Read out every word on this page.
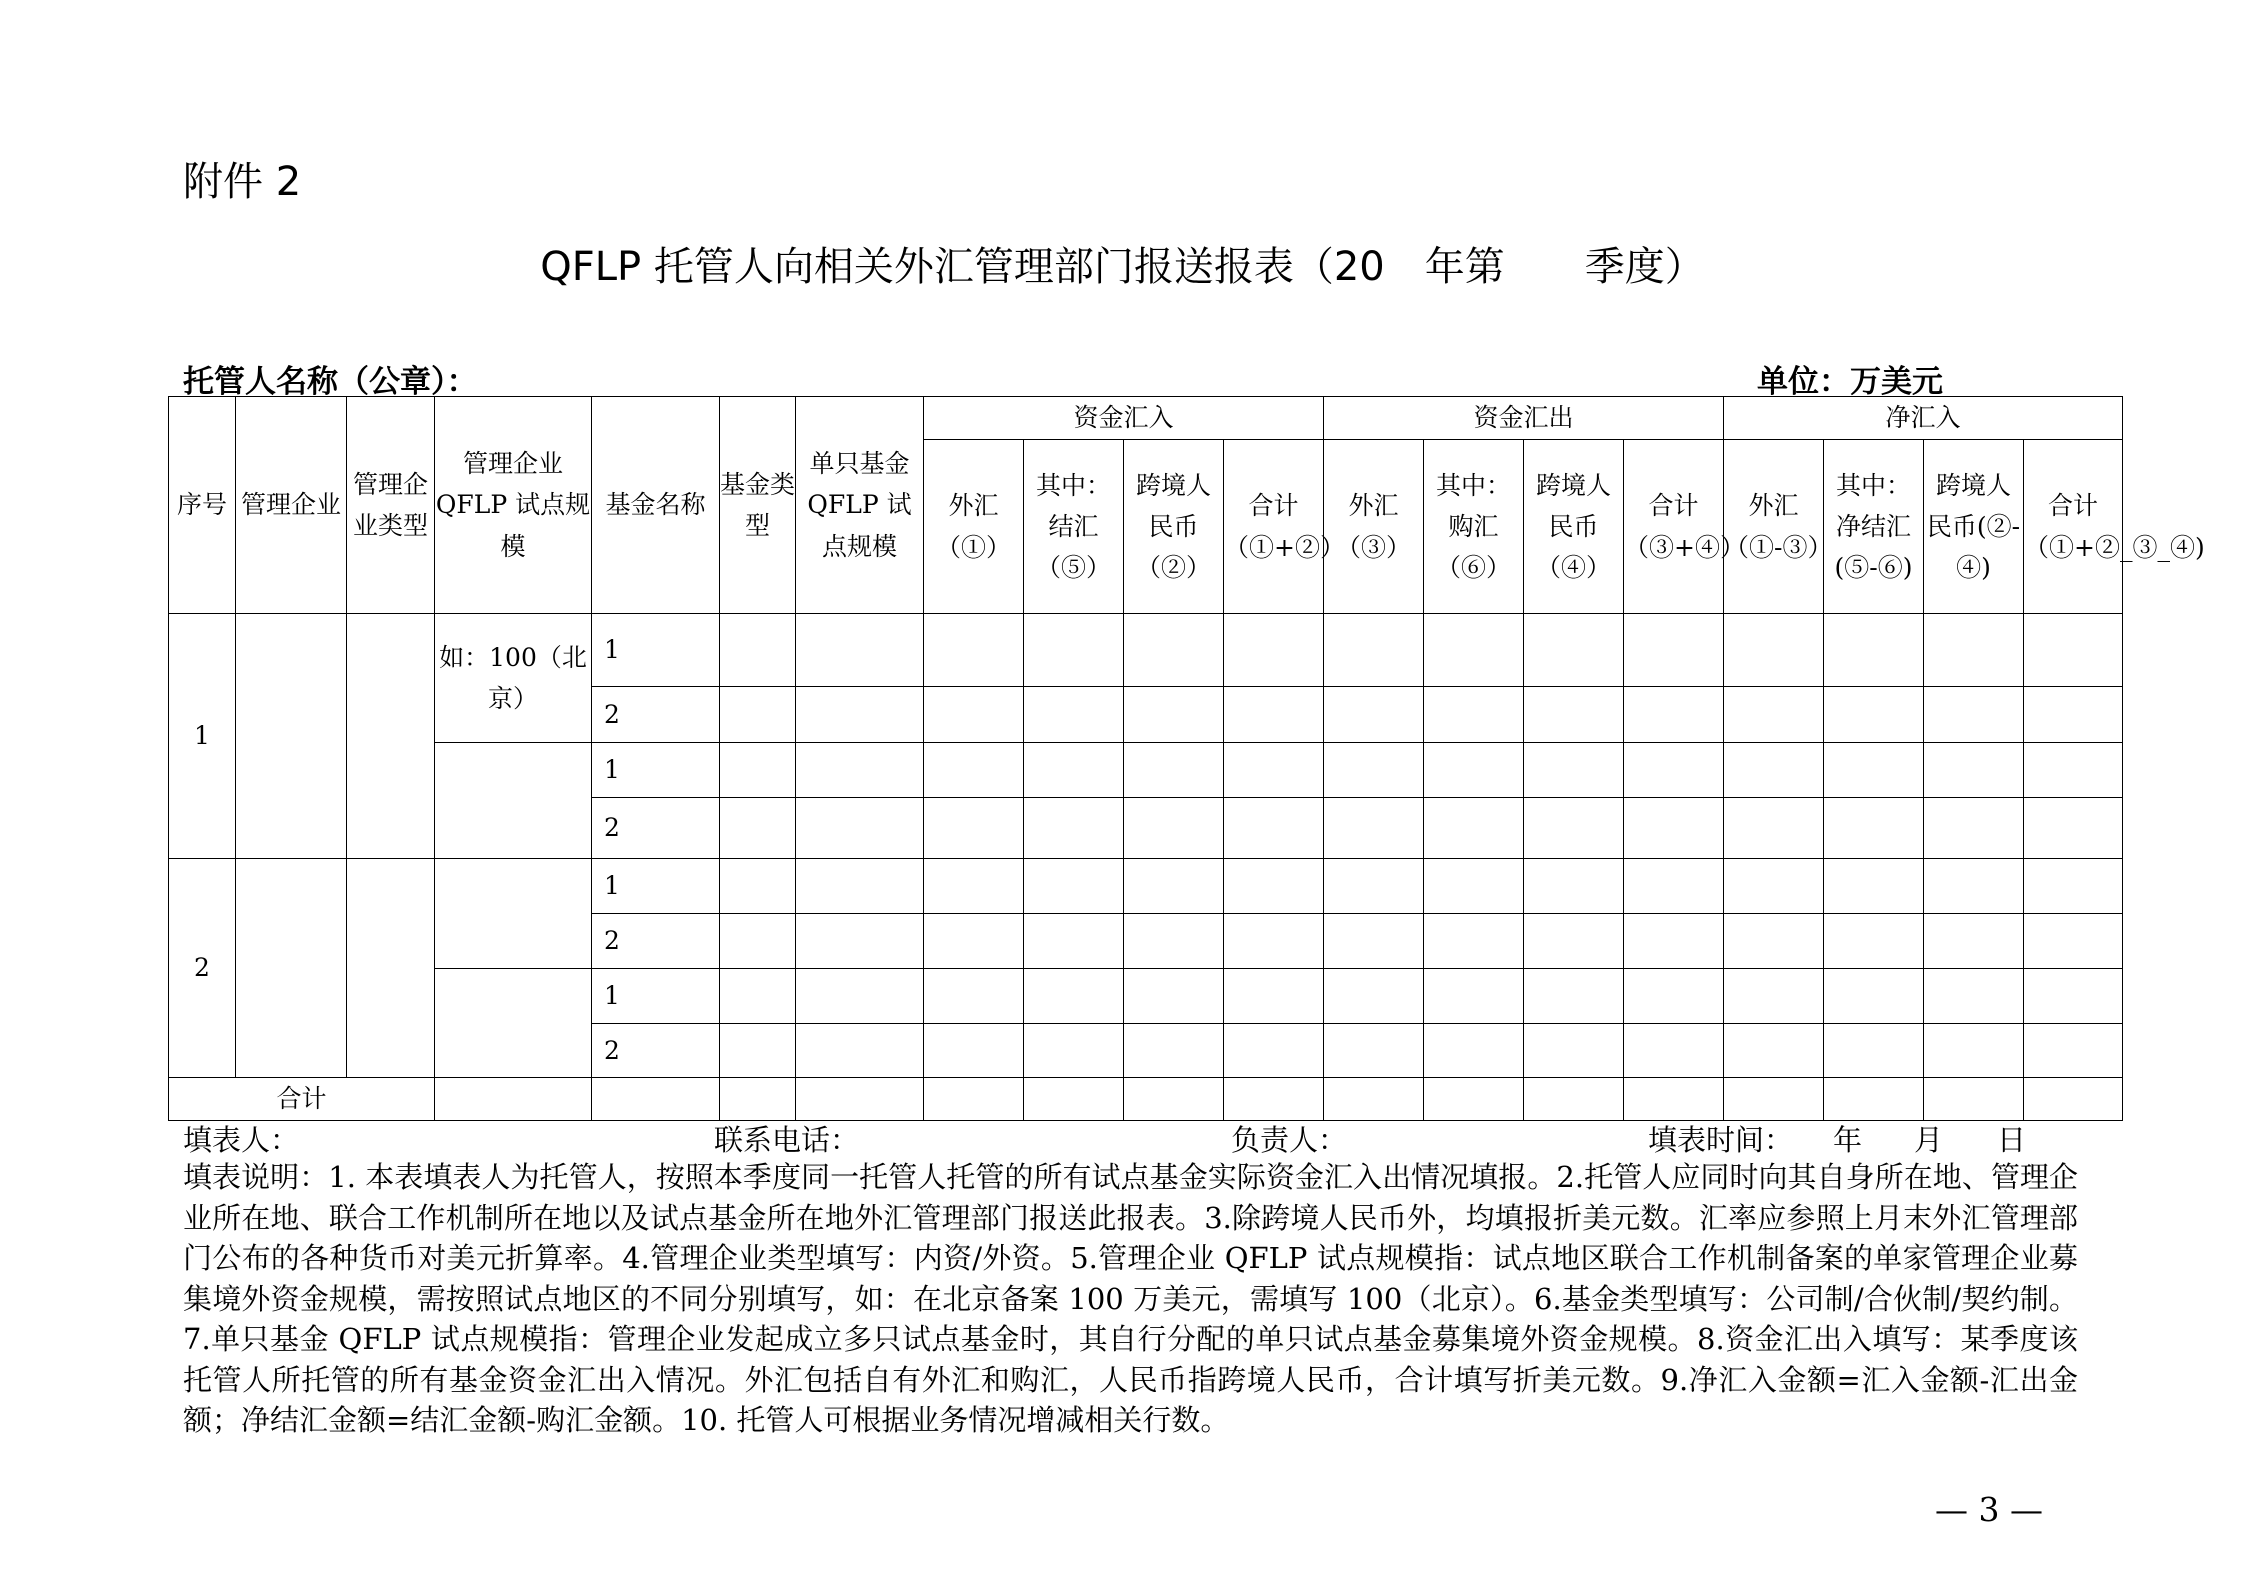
附件 2
QFLP 托管人向相关外汇管理部门报送报表（20　年第　　季度）
托管人名称（公章）：	单位：万美元
序号	管理企业	管理企业类型	管理企业QFLP 试点规模	基金名称	基金类型	单只基金QFLP 试点规模	资金汇入				资金汇出				净汇入			
							外汇（①）	其中：结汇（⑤）	跨境人民币（②）	合计（①+②）	外汇（③）	其中：购汇（⑥）	跨境人民币（④）	合计（③+④）	外汇（①-③）	其中：净结汇(⑤-⑥)	跨境人民币(②-④)	合计（①+②_③_④)
1			如：100（北京）	1														
				2														
				1														
				2														
2				1														
				2														
				1														
				2														
合计																		
填表人：	联系电话：	负责人：	填表时间： 年 月 日
填表说明：1. 本表填表人为托管人，按照本季度同一托管人托管的所有试点基金实际资金汇入出情况填报。2.托管人应同时向其自身所在地、管理企业所在地、联合工作机制所在地以及试点基金所在地外汇管理部门报送此报表。3.除跨境人民币外，均填报折美元数。汇率应参照上月末外汇管理部门公布的各种货币对美元折算率。4.管理企业类型填写：内资/外资。5.管理企业 QFLP 试点规模指：试点地区联合工作机制备案的单家管理企业募集境外资金规模，需按照试点地区的不同分别填写，如：在北京备案 100 万美元，需填写 100（北京）。6.基金类型填写：公司制/合伙制/契约制。7.单只基金 QFLP 试点规模指：管理企业发起成立多只试点基金时，其自行分配的单只试点基金募集境外资金规模。8.资金汇出入填写：某季度该托管人所托管的所有基金资金汇出入情况。外汇包括自有外汇和购汇，人民币指跨境人民币，合计填写折美元数。9.净汇入金额=汇入金额-汇出金额；净结汇金额=结汇金额-购汇金额。10. 托管人可根据业务情况增减相关行数。
— 3 —
